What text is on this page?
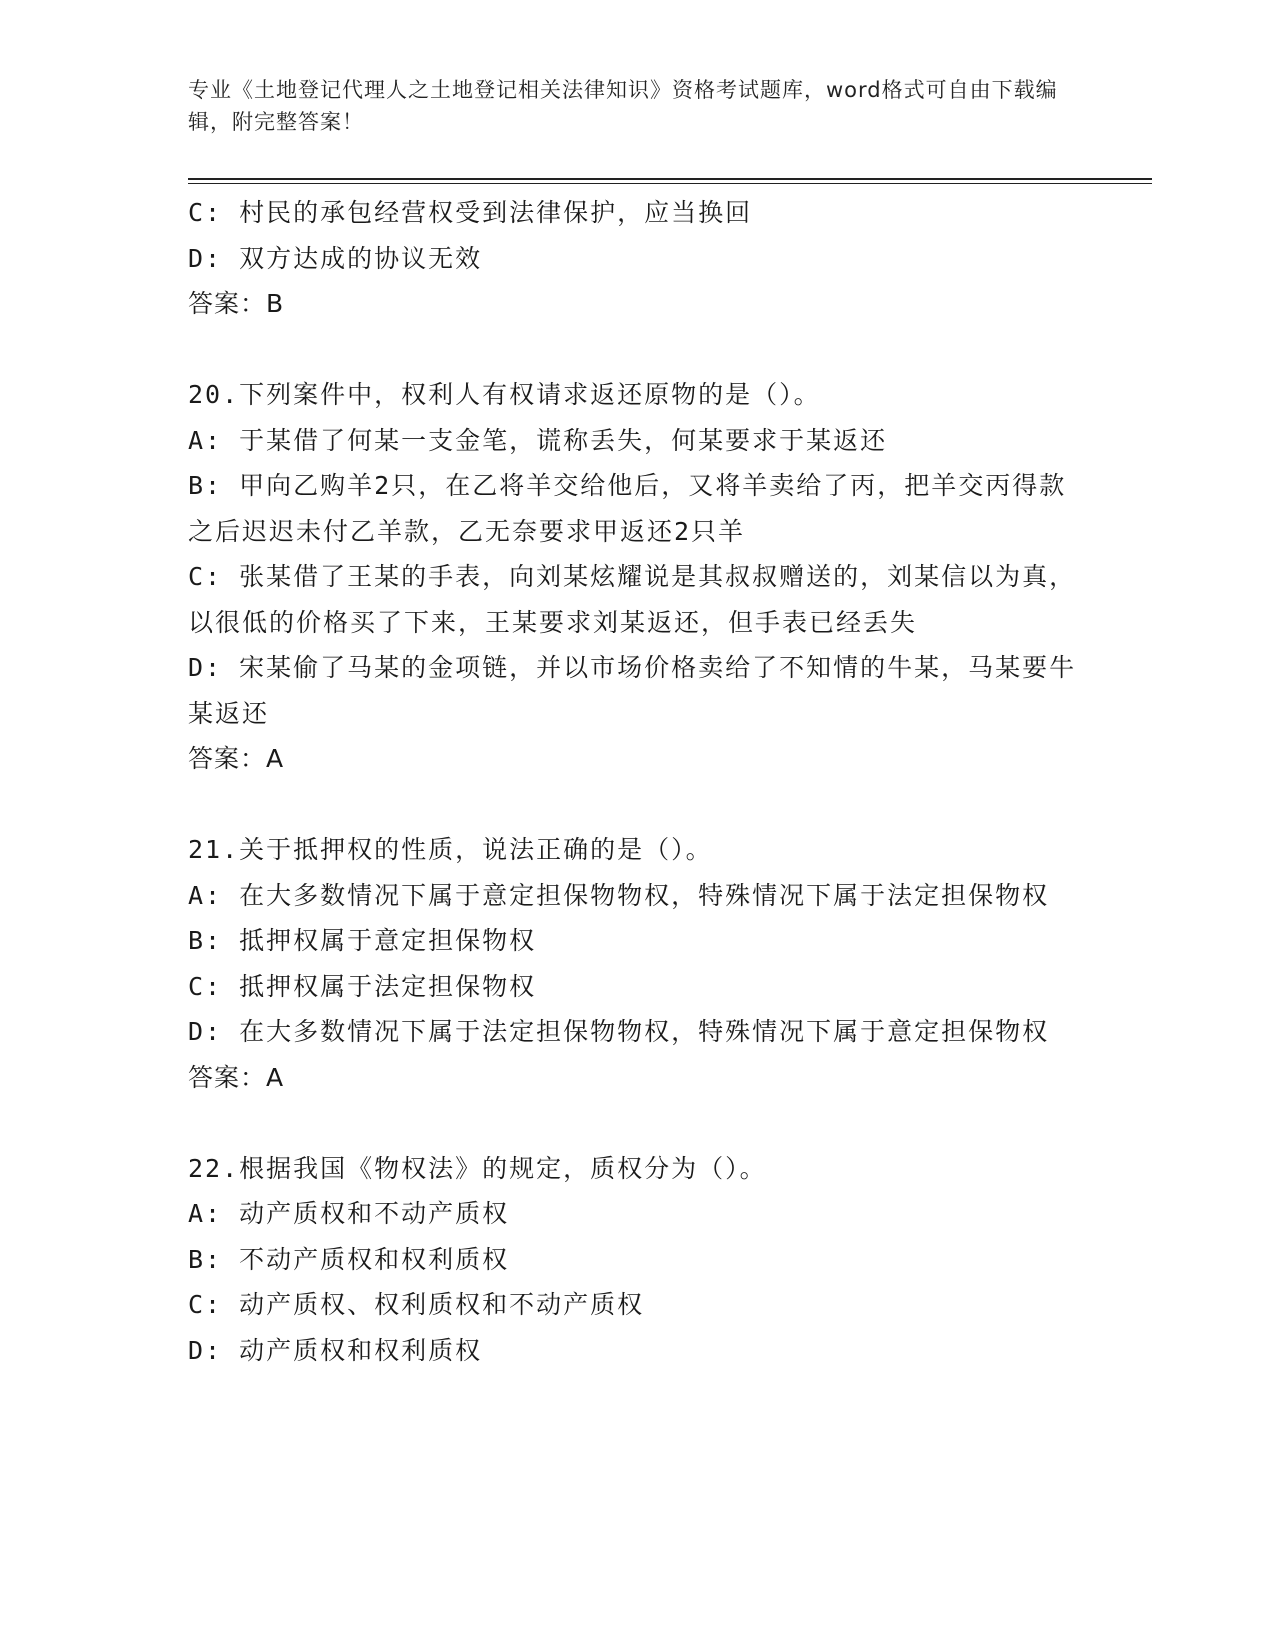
专业《土地登记代理人之土地登记相关法律知识》资格考试题库，word格式可自由下载编辑，附完整答案！
C: 村民的承包经营权受到法律保护，应当换回
D: 双方达成的协议无效
答案：B
20.下列案件中，权利人有权请求返还原物的是（）。
A: 于某借了何某一支金笔，谎称丢失，何某要求于某返还
B: 甲向乙购羊2只，在乙将羊交给他后，又将羊卖给了丙，把羊交丙得款之后迟迟未付乙羊款，乙无奈要求甲返还2只羊
C: 张某借了王某的手表，向刘某炫耀说是其叔叔赠送的，刘某信以为真，以很低的价格买了下来，王某要求刘某返还，但手表已经丢失
D: 宋某偷了马某的金项链，并以市场价格卖给了不知情的牛某，马某要牛某返还
答案：A
21.关于抵押权的性质，说法正确的是（）。
A: 在大多数情况下属于意定担保物物权，特殊情况下属于法定担保物权
B: 抵押权属于意定担保物权
C: 抵押权属于法定担保物权
D: 在大多数情况下属于法定担保物物权，特殊情况下属于意定担保物权
答案：A
22.根据我国《物权法》的规定，质权分为（）。
A: 动产质权和不动产质权
B: 不动产质权和权利质权
C: 动产质权、权利质权和不动产质权
D: 动产质权和权利质权
